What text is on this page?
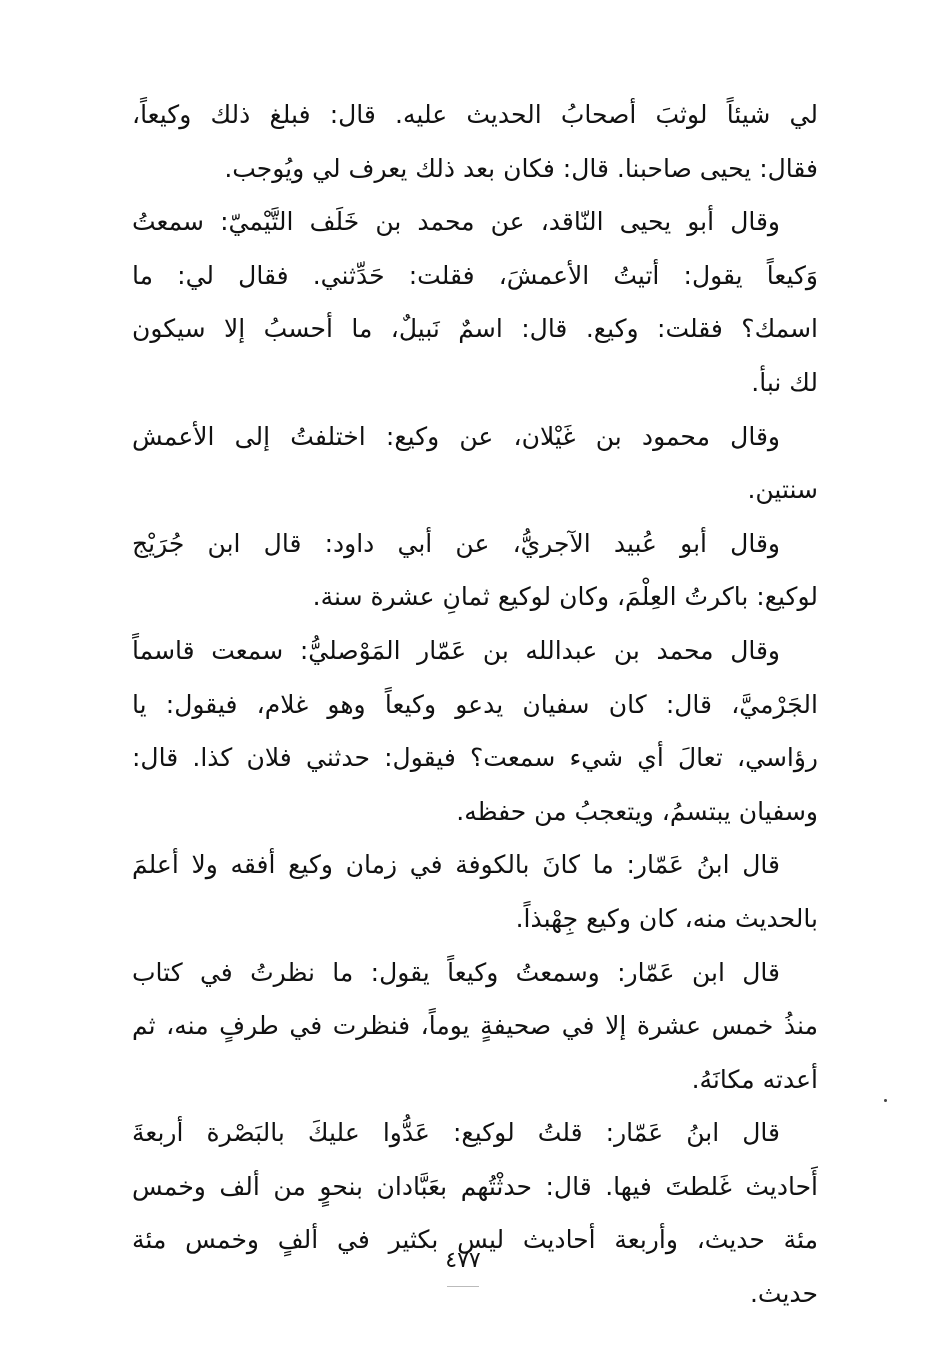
لي شيئاً لوثبَ أصحابُ الحديث عليه. قال: فبلغ ذلك وكيعاً،
فقال: يحيى صاحبنا. قال: فكان بعد ذلك يعرف لي ويُوجب.
وقال أبو يحيى النّاقد، عن محمد بن خَلَف التَّيْميّ: سمعتُ
وَكيعاً يقول: أتيتُ الأعمشَ، فقلت: حَدِّثني. فقال لي: ما
اسمك؟ فقلت: وكيع. قال: اسمٌ نَبيلٌ، ما أحسبُ إلا سيكون
لك نبأ.
وقال محمود بن غَيْلان، عن وكيع: اختلفتُ إلى الأعمش
سنتين.
وقال أبو عُبيد الآجريُّ، عن أبي داود: قال ابن جُرَيْج
لوكيع: باكرتُ العِلْمَ، وكان لوكيع ثمانِ عشرة سنة.
وقال محمد بن عبدالله بن عَمّار المَوْصليُّ: سمعت قاسماً
الجَرْميَّ، قال: كان سفيان يدعو وكيعاً وهو غلام، فيقول: يا
رؤاسي، تعالَ أي شيء سمعت؟ فيقول: حدثني فلان كذا. قال:
وسفيان يبتسمُ، ويتعجبُ من حفظه.
قال ابنُ عَمّار: ما كانَ بالكوفة في زمان وكيع أفقه ولا أعلمَ
بالحديث منه، كان وكيع جِهْبذاً.
قال ابن عَمّار: وسمعتُ وكيعاً يقول: ما نظرتُ في كتاب
منذُ خمس عشرة إلا في صحيفةٍ يوماً، فنظرت في طرفٍ منه، ثم
أعدته مكانَهُ.
قال ابنُ عَمّار: قلتُ لوكيع: عَدُّوا عليكَ بالبَصْرة أربعةَ
أَحاديث غَلطتَ فيها. قال: حدثْتُهم بعَبَّادان بنحوٍ من ألف وخمس
مئة حديث، وأربعة أحاديث ليس بكثير في ألفٍ وخمس مئة
حديث.
٤٧٧
